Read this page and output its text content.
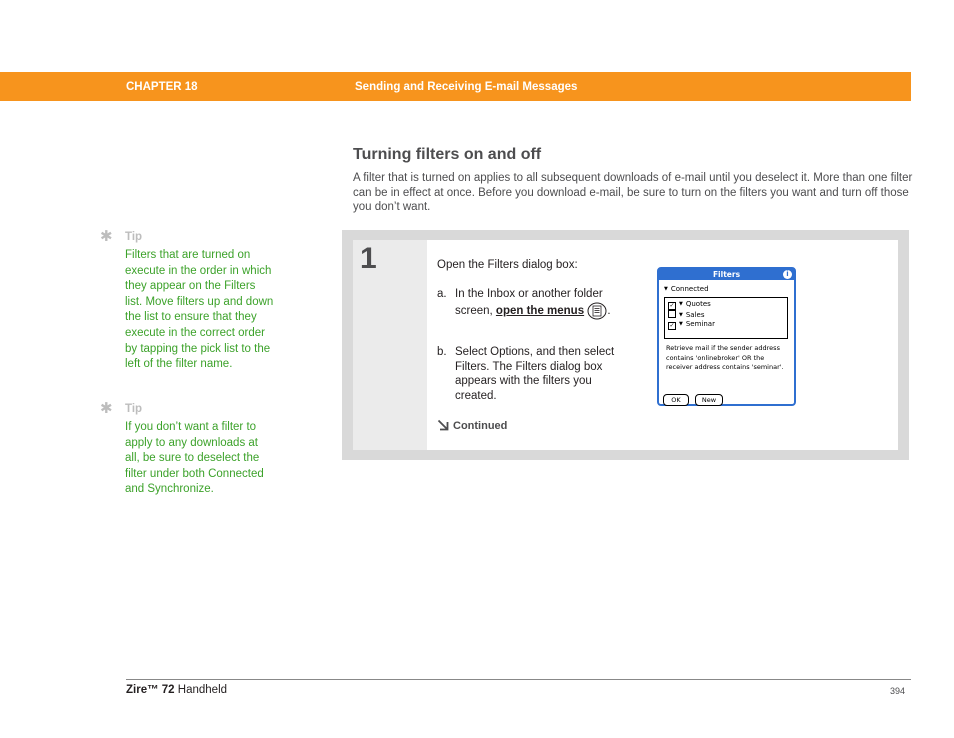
CHAPTER 18	Sending and Receiving E-mail Messages
Turning filters on and off

A filter that is turned on applies to all subsequent downloads of e-mail until you deselect it. More than one filter can be in effect at once. Before you download e-mail, be sure to turn on the filters you want and turn off those you don’t want.

✱ Tip

Filters that are turned on execute in the order in which they appear on the Filters list. Move filters up and down the list to ensure that they execute in the correct order by tapping the pick list to the left of the filter name.

✱ Tip

If you don’t want a filter to apply to any downloads at all, be sure to deselect the filter under both Connected and Synchronize.

1	Open the Filters dialog box:

a. In the Inbox or another folder screen, open the menus .

b. Select Options, and then select Filters. The Filters dialog box appears with the filters you created.

Continued
Filters	i
▼ Connected
✓ ▼ Quotes
▼ Sales
✓ ▼ Seminar

Retrieve mail if the sender address contains 'onlinebroker' OR the receiver address contains 'seminar'.

OK	New
Zire™ 72 Handheld	394
